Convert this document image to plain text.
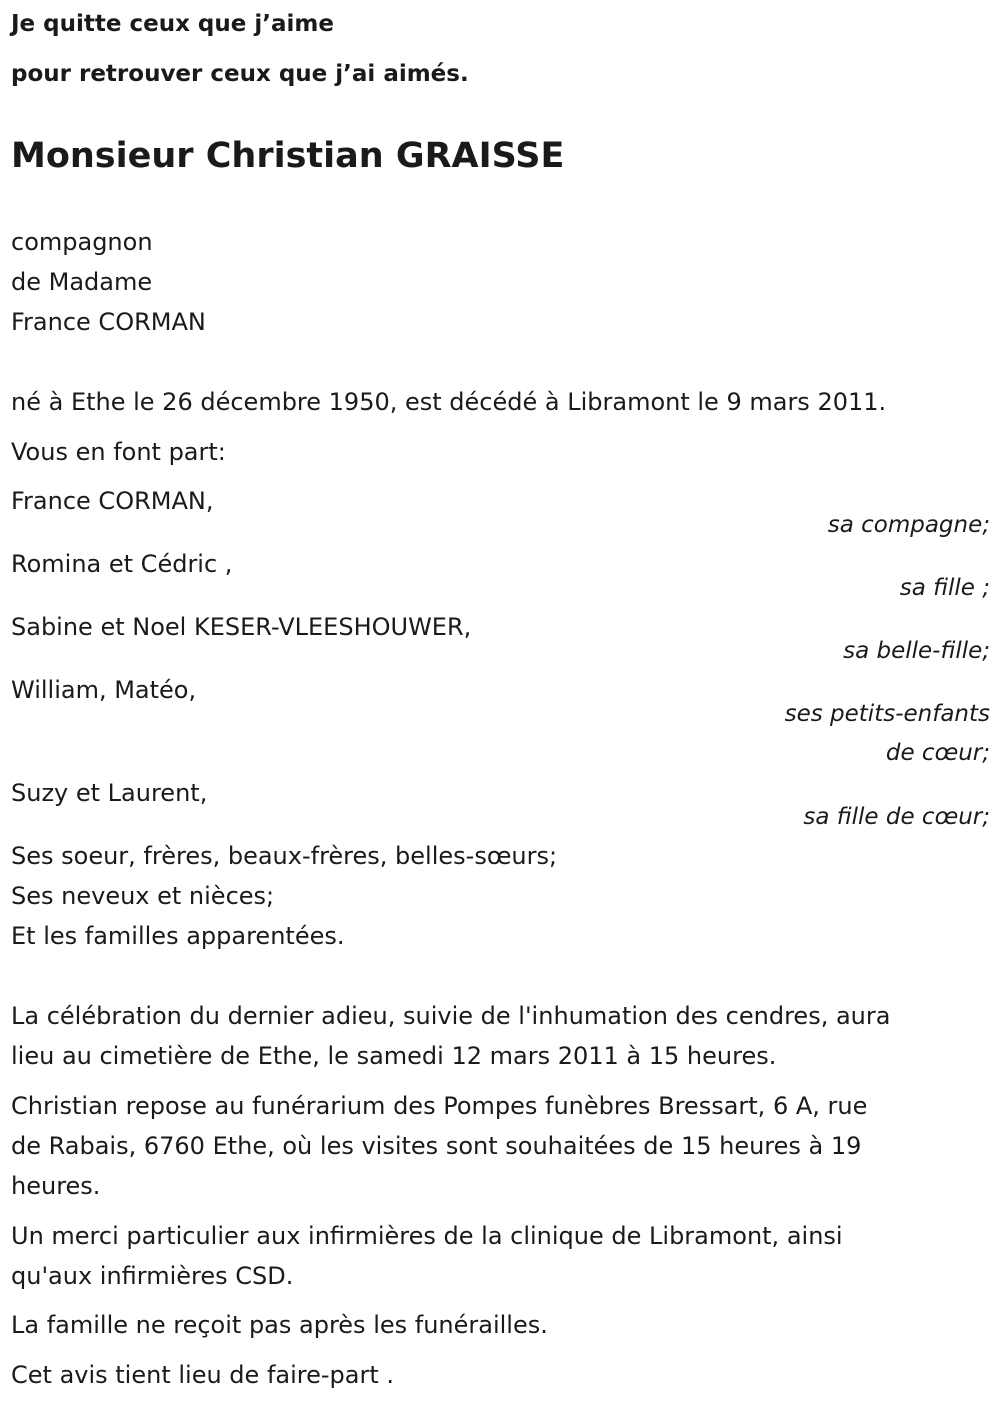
Je quitte ceux que j’aime

pour retrouver ceux que j’ai aimés.

Monsieur Christian GRAISSE

compagnon

de Madame

France CORMAN

né à Ethe le 26 décembre 1950, est décédé à Libramont le 9 mars 2011.

Vous en font part:

France CORMAN,

sa compagne;

Romina et Cédric ,

sa fille ;

Sabine et Noel KESER-VLEESHOUWER,

sa belle-fille;

William, Matéo,

ses petits-enfants
de cœur;

Suzy et Laurent,

sa fille de cœur;

Ses soeur, frères, beaux-frères, belles-sœurs;

Ses neveux et nièces;

Et les familles apparentées.

La célébration du dernier adieu, suivie de l'inhumation des cendres, aura

lieu au cimetière de Ethe, le samedi 12 mars 2011 à 15 heures.

Christian repose au funérarium des Pompes funèbres Bressart, 6 A, rue

de Rabais, 6760 Ethe, où les visites sont souhaitées de 15 heures à 19

heures.

Un merci particulier aux infirmières de la clinique de Libramont, ainsi

qu'aux infirmières CSD.

La famille ne reçoit pas après les funérailles.

Cet avis tient lieu de faire-part .
